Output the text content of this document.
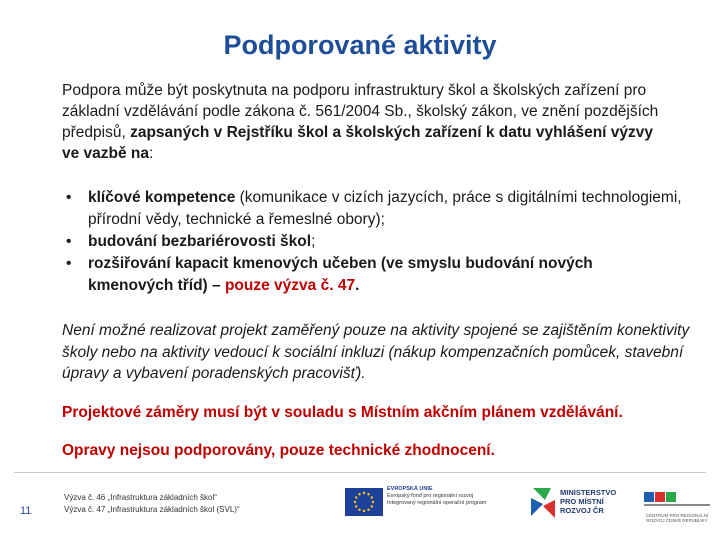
Podporované aktivity
Podpora může být poskytnuta na podporu infrastruktury škol a školských zařízení pro základní vzdělávání podle zákona č. 561/2004 Sb., školský zákon, ve znění pozdějších předpisů, zapsaných v Rejstříku škol a školských zařízení k datu vyhlášení výzvy ve vazbě na:
• klíčové kompetence (komunikace v cizích jazycích, práce s digitálními technologiemi, přírodní vědy, technické a řemeslné obory);
• budování bezbariérovosti škol;
• rozšiřování kapacit kmenových učeben (ve smyslu budování nových kmenových tříd) – pouze výzva č. 47.
Není možné realizovat projekt zaměřený pouze na aktivity spojené se zajištěním konektivity školy nebo na aktivity vedoucí k sociální inkluzi (nákup kompenzačních pomůcek, stavební úpravy a vybavení poradenských pracovišť).
Projektové záměry musí být v souladu s Místním akčním plánem vzdělávání.
Opravy nejsou podporovány, pouze technické zhodnocení.
11
Výzva č. 46 „Infrastruktura základních škol“
Výzva č. 47 „Infrastruktura základních škol (SVL)“
EVROPSKÁ UNIE
Evropský fond pro regionální rozvoj
Integrovaný regionální operační program
MINISTERSTVO
PRO MÍSTNÍ
ROZVOJ ČR
CENTRUM PRO REGIONÁLNÍ ROZVOJ ČESKÉ REPUBLIKY
